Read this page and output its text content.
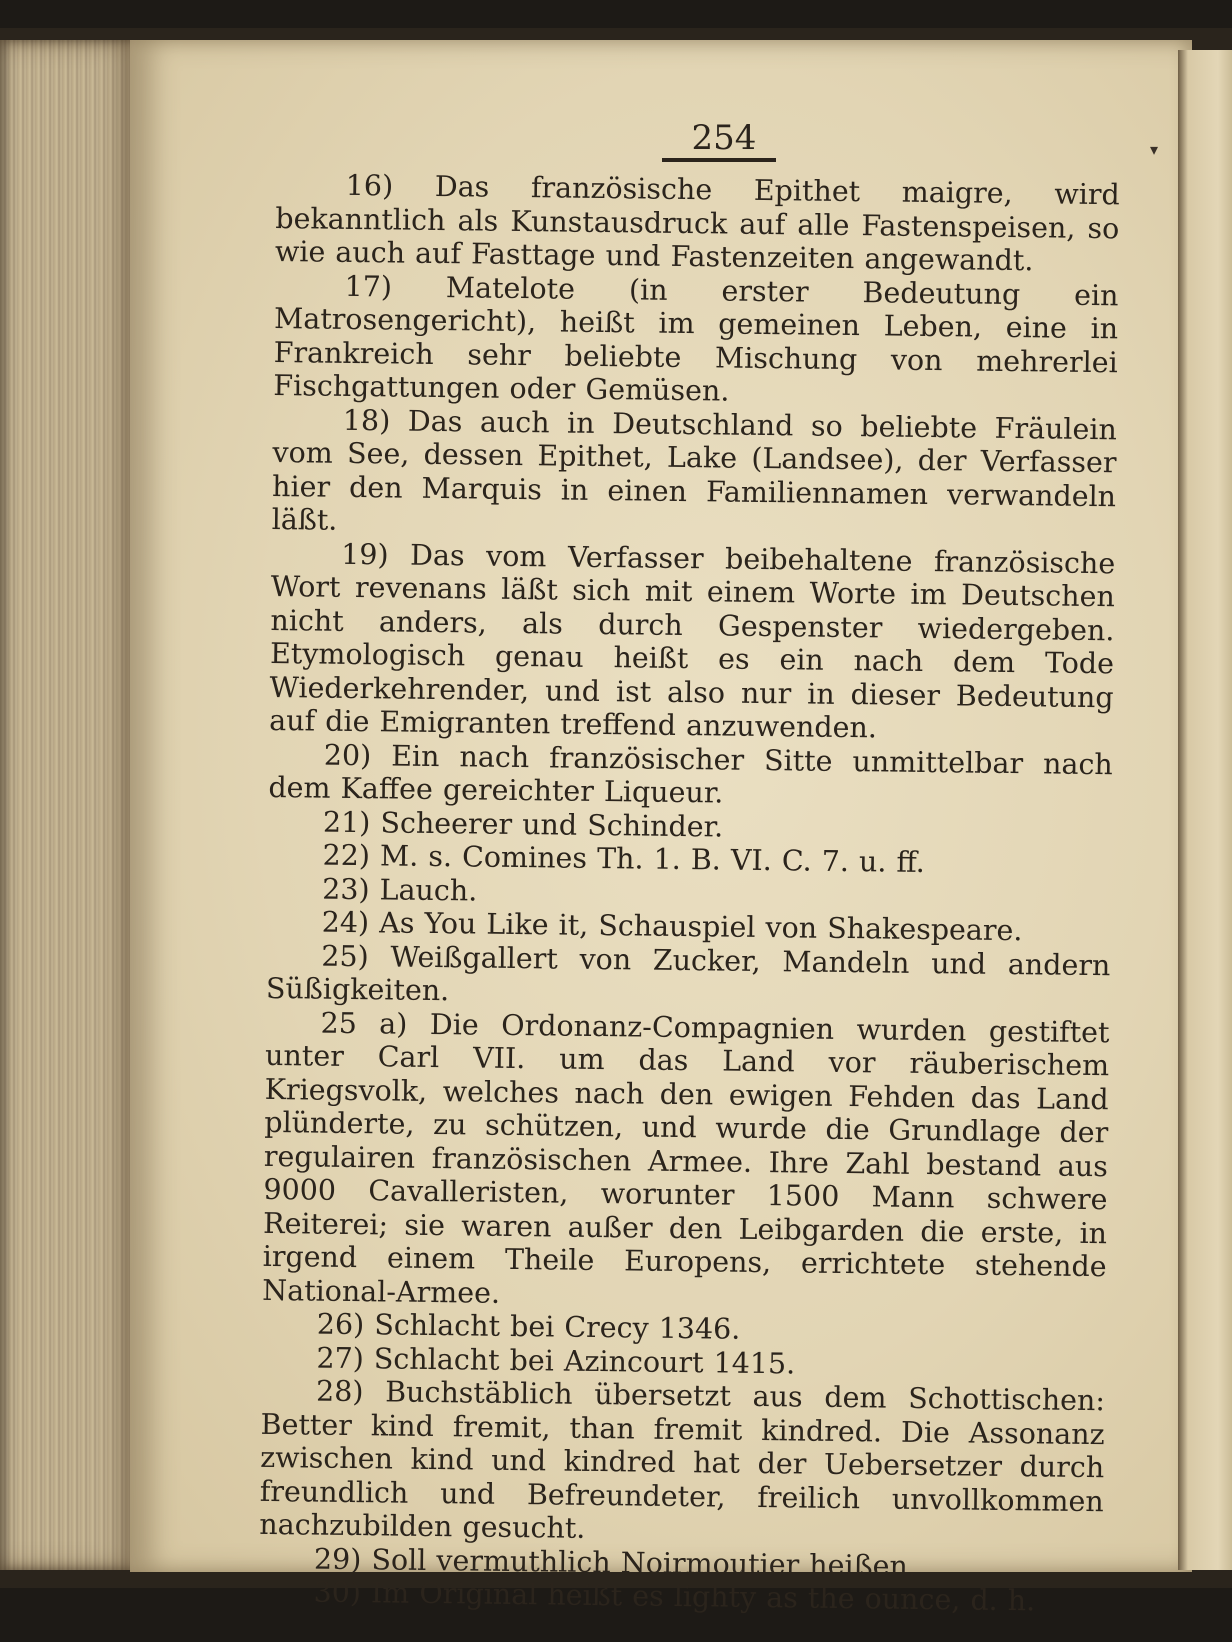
254	▾

16) Das französische Epithet maigre, wird bekanntlich als Kunstausdruck auf alle Fastenspeisen, so wie auch auf Fasttage und Fastenzeiten angewandt.

17) Matelote (in erster Bedeutung ein Matrosengericht), heißt im gemeinen Leben, eine in Frankreich sehr beliebte Mischung von mehrerlei Fischgattungen oder Gemüsen.

18) Das auch in Deutschland so beliebte Fräulein vom See, dessen Epithet, Lake (Landsee), der Verfasser hier den Marquis in einen Familiennamen verwandeln läßt.

19) Das vom Verfasser beibehaltene französische Wort revenans läßt sich mit einem Worte im Deutschen nicht anders, als durch Gespenster wiedergeben. Etymologisch genau heißt es ein nach dem Tode Wiederkehrender, und ist also nur in dieser Bedeutung auf die Emigranten treffend anzuwenden.

20) Ein nach französischer Sitte unmittelbar nach dem Kaffee gereichter Liqueur.

21) Scheerer und Schinder.

22) M. s. Comines Th. 1. B. VI. C. 7. u. ff.

23) Lauch.

24) As You Like it, Schauspiel von Shakespeare.

25) Weißgallert von Zucker, Mandeln und andern Süßigkeiten.

25 a) Die Ordonanz-Compagnien wurden gestiftet unter Carl VII. um das Land vor räuberischem Kriegsvolk, welches nach den ewigen Fehden das Land plünderte, zu schützen, und wurde die Grundlage der regulairen französischen Armee. Ihre Zahl bestand aus 9000 Cavalleristen, worunter 1500 Mann schwere Reiterei; sie waren außer den Leibgarden die erste, in irgend einem Theile Europens, errichtete stehende National-Armee.

26) Schlacht bei Crecy 1346.

27) Schlacht bei Azincourt 1415.

28) Buchstäblich übersetzt aus dem Schottischen: Better kind fremit, than fremit kindred. Die Assonanz zwischen kind und kindred hat der Uebersetzer durch freundlich und Befreundeter, freilich unvollkommen nachzubilden gesucht.

29) Soll vermuthlich Noirmoutier heißen.

30) Im Original heißt es lighty as the ounce, d. h.
